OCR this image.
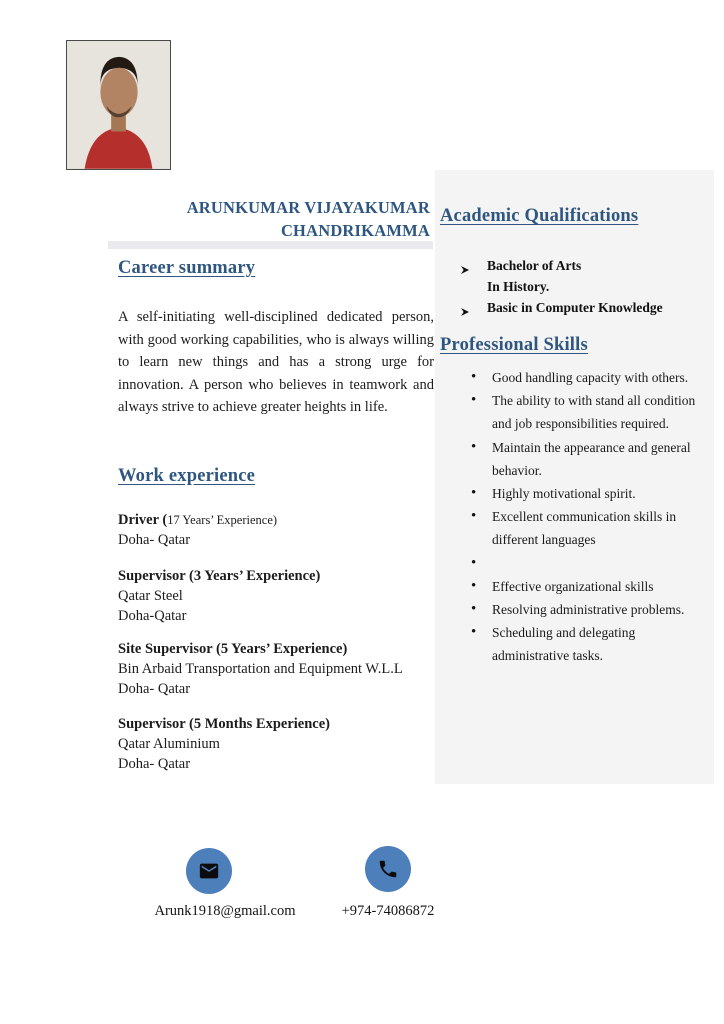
ARUNKUMAR VIJAYAKUMAR
CHANDRIKAMMA
Career summary

A self-initiating well-disciplined dedicated person, with good working capabilities, who is always willing to learn new things and has a strong urge for innovation. A person who believes in teamwork and always strive to achieve greater heights in life.

Work experience
Driver (17 Years’ Experience)
Doha- Qatar
Supervisor (3 Years’ Experience)
Qatar Steel
Doha-Qatar
Site Supervisor (5 Years’ Experience)
Bin Arbaid Transportation and Equipment W.L.L
Doha- Qatar
Supervisor (5 Months Experience)
Qatar Aluminium
Doha- Qatar
Academic Qualifications
Bachelor of Arts
In History.
Basic in Computer Knowledge
Professional Skills
•	Good handling capacity with others.
•	The ability to with stand all condition and job responsibilities required.
•	Maintain the appearance and general behavior.
•	Highly motivational spirit.
•	Excellent communication skills in different languages
•
•	Effective organizational skills
•	Resolving administrative problems.
•	Scheduling and delegating administrative tasks.
Arunk1918@gmail.com	+974-74086872
